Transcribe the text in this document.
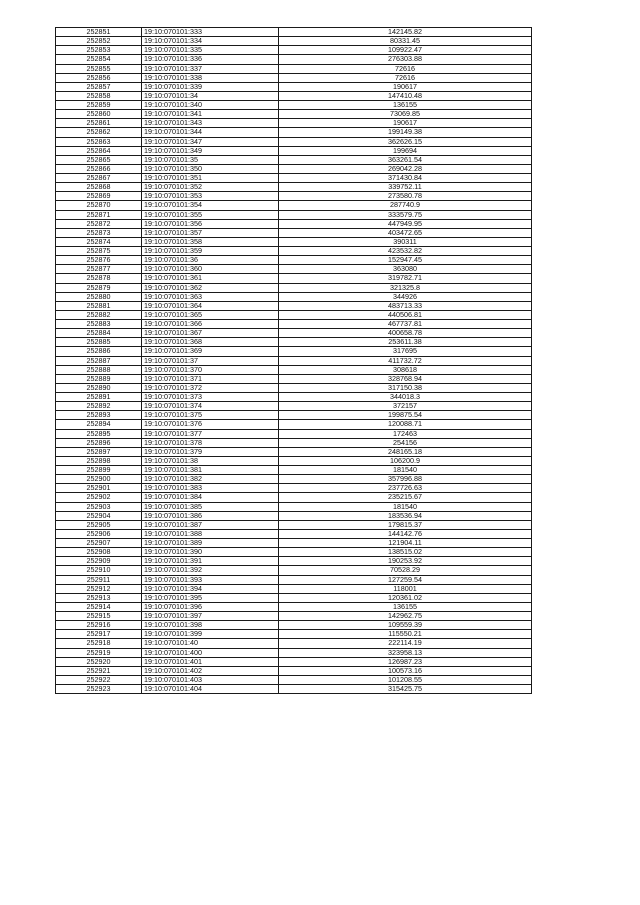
252851	19:10:070101:333	142145.82
252852	19:10:070101:334	80331.45
252853	19:10:070101:335	109922.47
252854	19:10:070101:336	276303.88
252855	19:10:070101:337	72616
252856	19:10:070101:338	72616
252857	19:10:070101:339	190617
252858	19:10:070101:34	147410.48
252859	19:10:070101:340	136155
252860	19:10:070101:341	73069.85
252861	19:10:070101:343	190617
252862	19:10:070101:344	199149.38
252863	19:10:070101:347	362626.15
252864	19:10:070101:349	199694
252865	19:10:070101:35	363261.54
252866	19:10:070101:350	269042.28
252867	19:10:070101:351	371430.84
252868	19:10:070101:352	339752.11
252869	19:10:070101:353	273580.78
252870	19:10:070101:354	287740.9
252871	19:10:070101:355	333579.75
252872	19:10:070101:356	447949.95
252873	19:10:070101:357	403472.65
252874	19:10:070101:358	390311
252875	19:10:070101:359	423532.82
252876	19:10:070101:36	152947.45
252877	19:10:070101:360	363080
252878	19:10:070101:361	319782.71
252879	19:10:070101:362	321325.8
252880	19:10:070101:363	344926
252881	19:10:070101:364	483713.33
252882	19:10:070101:365	440506.81
252883	19:10:070101:366	467737.81
252884	19:10:070101:367	400658.78
252885	19:10:070101:368	253611.38
252886	19:10:070101:369	317695
252887	19:10:070101:37	411732.72
252888	19:10:070101:370	308618
252889	19:10:070101:371	328768.94
252890	19:10:070101:372	317150.38
252891	19:10:070101:373	344018.3
252892	19:10:070101:374	372157
252893	19:10:070101:375	199875.54
252894	19:10:070101:376	120088.71
252895	19:10:070101:377	172463
252896	19:10:070101:378	254156
252897	19:10:070101:379	248165.18
252898	19:10:070101:38	106200.9
252899	19:10:070101:381	181540
252900	19:10:070101:382	357996.88
252901	19:10:070101:383	237726.63
252902	19:10:070101:384	235215.67
252903	19:10:070101:385	181540
252904	19:10:070101:386	183536.94
252905	19:10:070101:387	179815.37
252906	19:10:070101:388	144142.76
252907	19:10:070101:389	121904.11
252908	19:10:070101:390	138515.02
252909	19:10:070101:391	190253.92
252910	19:10:070101:392	70528.29
252911	19:10:070101:393	127259.54
252912	19:10:070101:394	118001
252913	19:10:070101:395	120361.02
252914	19:10:070101:396	136155
252915	19:10:070101:397	142962.75
252916	19:10:070101:398	109559.39
252917	19:10:070101:399	115550.21
252918	19:10:070101:40	222114.19
252919	19:10:070101:400	323958.13
252920	19:10:070101:401	126987.23
252921	19:10:070101:402	100573.16
252922	19:10:070101:403	101208.55
252923	19:10:070101:404	315425.75
